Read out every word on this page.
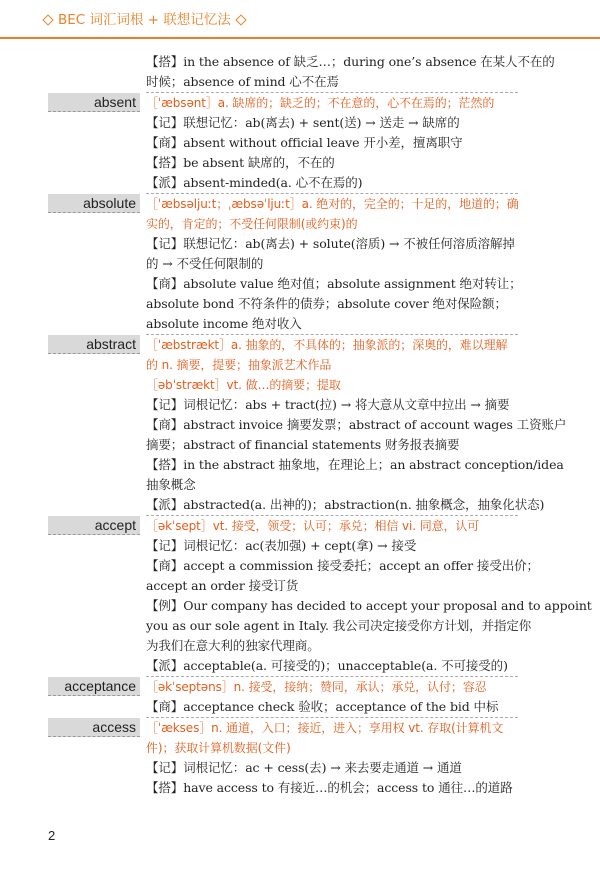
BEC 词汇词根 + 联想记忆法
【搭】in the absence of 缺乏…；during one’s absence 在某人不在的
时候；absence of mind 心不在焉
absent ［ˈæbsənt］a. 缺席的；缺乏的；不在意的，心不在焉的；茫然的
【记】联想记忆：ab(离去) + sent(送) → 送走 → 缺席的
【商】absent without official leave 开小差，擅离职守
【搭】be absent 缺席的，不在的
【派】absent-minded(a. 心不在焉的)
absolute ［ˈæbsəljuːt；ˌæbsəˈljuːt］a. 绝对的，完全的；十足的，地道的；确
实的，肯定的；不受任何限制(或约束)的
【记】联想记忆：ab(离去) + solute(溶质) → 不被任何溶质溶解掉
的 → 不受任何限制的
【商】absolute value 绝对值；absolute assignment 绝对转让；
absolute bond 不符条件的债券；absolute cover 绝对保险额；
absolute income 绝对收入
abstract ［ˈæbstrækt］a. 抽象的，不具体的；抽象派的；深奥的，难以理解
的 n. 摘要，提要；抽象派艺术作品
［əbˈstrækt］vt. 做…的摘要；提取
【记】词根记忆：abs + tract(拉) → 将大意从文章中拉出 → 摘要
【商】abstract invoice 摘要发票；abstract of account wages 工资账户
摘要；abstract of financial statements 财务报表摘要
【搭】in the abstract 抽象地，在理论上；an abstract conception/idea
抽象概念
【派】abstracted(a. 出神的)；abstraction(n. 抽象概念，抽象化状态)
accept ［əkˈsept］vt. 接受，领受；认可；承兑；相信 vi. 同意，认可
【记】词根记忆：ac(表加强) + cept(拿) → 接受
【商】accept a commission 接受委托；accept an offer 接受出价；
accept an order 接受订货
【例】Our company has decided to accept your proposal and to appoint
you as our sole agent in Italy. 我公司决定接受你方计划，并指定你
为我们在意大利的独家代理商。
【派】acceptable(a. 可接受的)；unacceptable(a. 不可接受的)
acceptance ［əkˈseptəns］n. 接受，接纳；赞同，承认；承兑，认付；容忍
【商】acceptance check 验收；acceptance of the bid 中标
access ［ˈækses］n. 通道，入口；接近，进入；享用权 vt. 存取(计算机文
件)；获取计算机数据(文件)
【记】词根记忆：ac + cess(去) → 来去要走通道 → 通道
【搭】have access to 有接近…的机会；access to 通往…的道路
2
